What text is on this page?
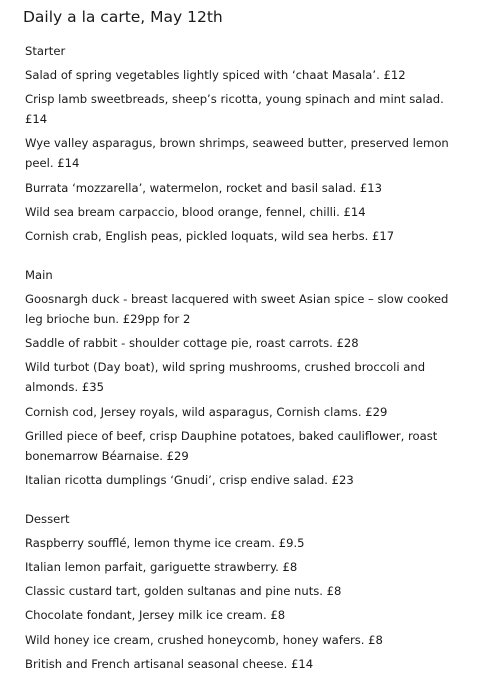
Daily a la carte, May 12th
Starter
Salad of spring vegetables lightly spiced with ‘chaat Masala’. £12
Crisp lamb sweetbreads, sheep’s ricotta, young spinach and mint salad. £14
Wye valley asparagus, brown shrimps, seaweed butter, preserved lemon peel. £14
Burrata ‘mozzarella’, watermelon, rocket and basil salad. £13
Wild sea bream carpaccio, blood orange, fennel, chilli. £14
Cornish crab, English peas, pickled loquats, wild sea herbs. £17
Main
Goosnargh duck - breast lacquered with sweet Asian spice – slow cooked leg brioche bun. £29pp for 2
Saddle of rabbit - shoulder cottage pie, roast carrots. £28
Wild turbot (Day boat), wild spring mushrooms, crushed broccoli and almonds. £35
Cornish cod, Jersey royals, wild asparagus, Cornish clams. £29
Grilled piece of beef, crisp Dauphine potatoes, baked cauliflower, roast bonemarrow Béarnaise. £29
Italian ricotta dumplings ‘Gnudi’, crisp endive salad. £23
Dessert
Raspberry soufflé, lemon thyme ice cream. £9.5
Italian lemon parfait, gariguette strawberry. £8
Classic custard tart, golden sultanas and pine nuts. £8
Chocolate fondant, Jersey milk ice cream. £8
Wild honey ice cream, crushed honeycomb, honey wafers. £8
British and French artisanal seasonal cheese. £14
